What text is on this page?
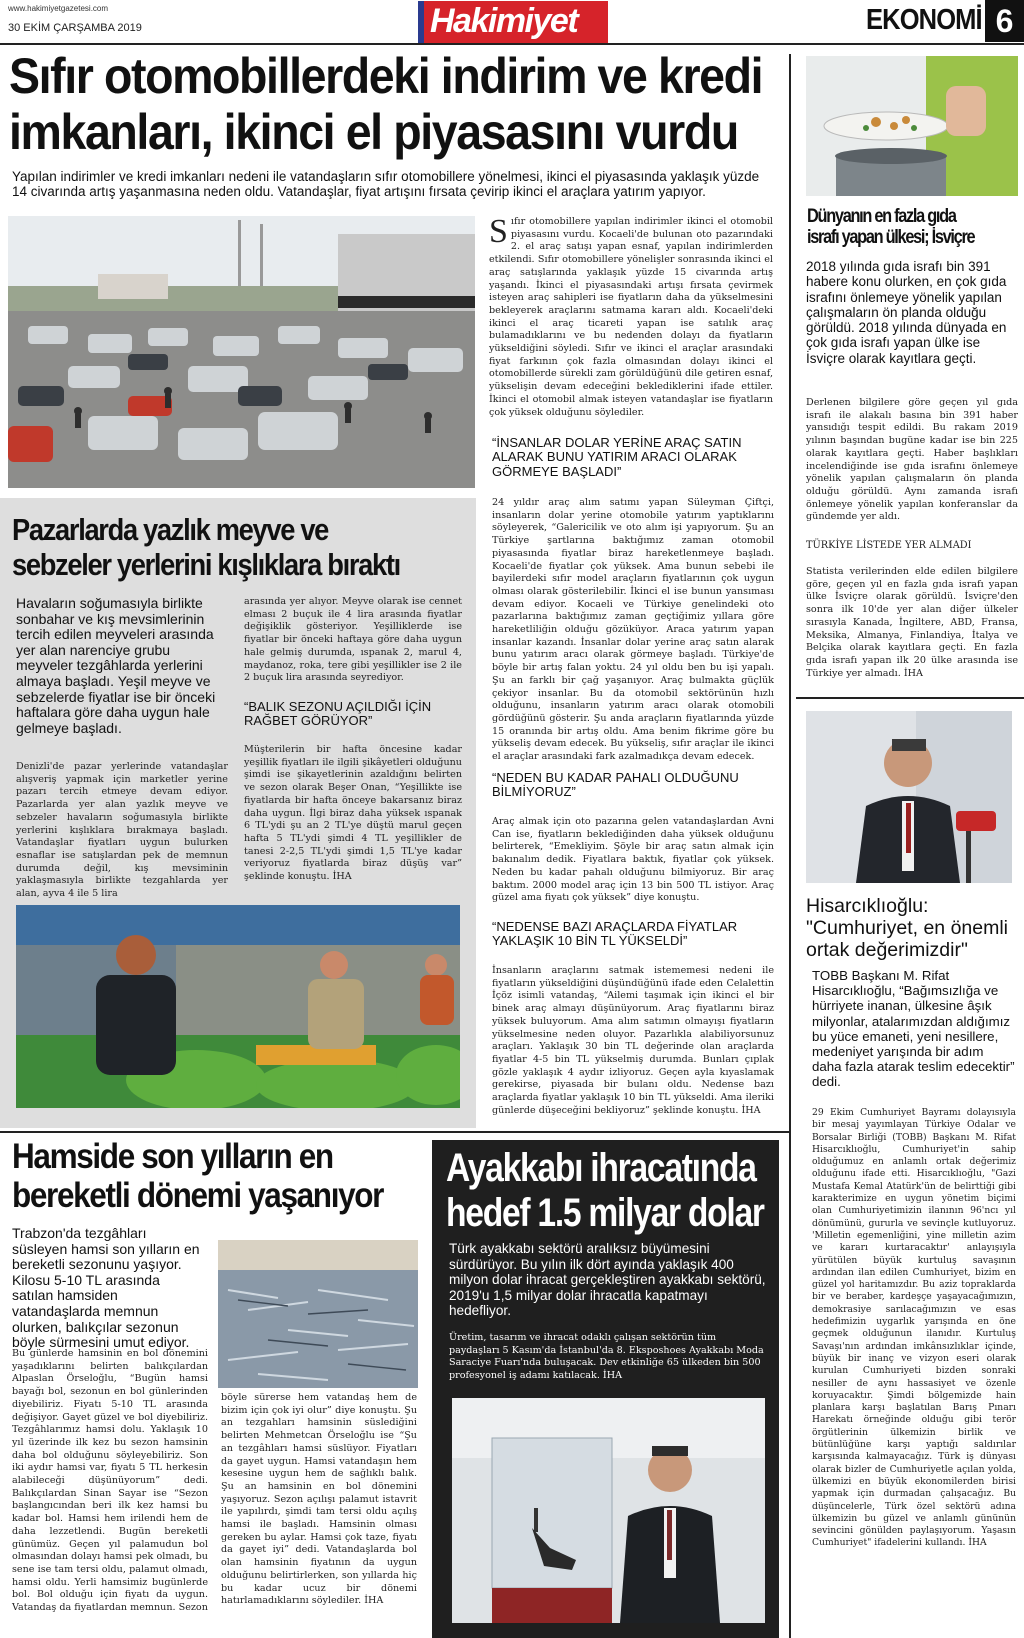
www.hakimiyetgazetesi.com
30 EKİM ÇARŞAMBA 2019	Hakimiyet	EKONOMİ 6
Sıfır otomobillerdeki indirim ve kredi
imkanları, ikinci el piyasasını vurdu
Yapılan indirimler ve kredi imkanları nedeni ile vatandaşların sıfır otomobillere yönelmesi, ikinci el piyasasında yaklaşık yüzde 14 civarında artış yaşanmasına neden oldu. Vatandaşlar, fiyat artışını fırsata çevirip ikinci el araçlara yatırım yapıyor.
Sıfır otomobillere yapılan indirimler ikinci el otomobil piyasasını vurdu. Kocaeli'de bulunan oto pazarındaki 2. el araç satışı yapan esnaf, yapılan indirimlerden etkilendi. Sıfır otomobillere yönelişler sonrasında ikinci el araç satışlarında yaklaşık yüzde 15 civarında artış yaşandı. İkinci el piyasasındaki artışı fırsata çevirmek isteyen araç sahipleri ise fiyatların daha da yükselmesini bekleyerek araçlarını satmama kararı aldı. Kocaeli'deki ikinci el araç ticareti yapan ise satılık araç bulamadıklarını ve bu nedenden dolayı da fiyatların yükseldiğini söyledi. Sıfır ve ikinci el araçlar arasındaki fiyat farkının çok fazla olmasından dolayı ikinci el otomobillerde sürekli zam görüldüğünü dile getiren esnaf, yükselişin devam edeceğini beklediklerini ifade ettiler. İkinci el otomobil almak isteyen vatandaşlar ise fiyatların çok yüksek olduğunu söylediler.
“İNSANLAR DOLAR YERİNE ARAÇ SATIN ALARAK BUNU YATIRIM ARACI OLARAK GÖRMEYE BAŞLADI”
24 yıldır araç alım satımı yapan Süleyman Çiftçi, insanların dolar yerine otomobile yatırım yaptıklarını söyleyerek, “Galericilik ve oto alım işi yapıyorum. Şu an Türkiye şartlarına baktığımız zaman otomobil piyasasında fiyatlar biraz hareketlenmeye başladı. Kocaeli'de fiyatlar çok yüksek. Ama bunun sebebi ile bayilerdeki sıfır model araçların fiyatlarının çok uygun olması olarak gösterilebilir. İkinci el ise bunun yansıması devam ediyor. Kocaeli ve Türkiye genelindeki oto pazarlarına baktığımız zaman geçtiğimiz yıllara göre hareketliliğin olduğu gözüküyor. Araca yatırım yapan insanlar kazandı. İnsanlar dolar yerine araç satın alarak bunu yatırım aracı olarak görmeye başladı. Türkiye'de böyle bir artış falan yoktu. 24 yıl oldu ben bu işi yapalı. Şu an farklı bir çağ yaşanıyor. Araç bulmakta güçlük çekiyor insanlar. Bu da otomobil sektörünün hızlı olduğunu, insanların yatırım aracı olarak otomobili gördüğünü gösterir. Şu anda araçların fiyatlarında yüzde 15 oranında bir artış oldu. Ama benim fikrime göre bu yükseliş devam edecek. Bu yükseliş, sıfır araçlar ile ikinci el araçlar arasındaki fark azalmadıkça devam edecek.
“NEDEN BU KADAR PAHALI OLDUĞUNU BİLMİYORUZ”
Araç almak için oto pazarına gelen vatandaşlardan Avni Can ise, fiyatların beklediğinden daha yüksek olduğunu belirterek, “Emekliyim. Şöyle bir araç satın almak için bakınalım dedik. Fiyatlara baktık, fiyatlar çok yüksek. Neden bu kadar pahalı olduğunu bilmiyoruz. Bir araç baktım. 2000 model araç için 13 bin 500 TL istiyor. Araç güzel ama fiyatı çok yüksek” diye konuştu.
“NEDENSE BAZI ARAÇLARDA FİYATLAR YAKLAŞIK 10 BİN TL YÜKSELDİ”
İnsanların araçlarını satmak istememesi nedeni ile fiyatların yükseldiğini düşündüğünü ifade eden Celalettin İçöz isimli vatandaş, “Ailemi taşımak için ikinci el bir binek araç almayı düşünüyorum. Araç fiyatlarını biraz yüksek buluyorum. Ama alım satımın olmayışı fiyatların yükselmesine neden oluyor. Pazarlıkla alabiliyorsunuz araçları. Yaklaşık 30 bin TL değerinde olan araçlarda fiyatlar 4-5 bin TL yükselmiş durumda. Bunları çıplak gözle yaklaşık 4 aydır izliyoruz. Geçen ayla kıyaslamak gerekirse, piyasada bir bulanı oldu. Nedense bazı araçlarda fiyatlar yaklaşık 10 bin TL yükseldi. Ama ileriki günlerde düşeceğini bekliyoruz” şeklinde konuştu. İHA
Pazarlarda yazlık meyve ve
sebzeler yerlerini kışlıklara bıraktı
Havaların soğumasıyla birlikte sonbahar ve kış mevsimlerinin tercih edilen meyveleri arasında yer alan narenciye grubu meyveler tezgâhlarda yerlerini almaya başladı. Yeşil meyve ve sebzelerde fiyatlar ise bir önceki haftalara göre daha uygun hale gelmeye başladı.
Denizli'de pazar yerlerinde vatandaşlar alışveriş yapmak için marketler yerine pazarı tercih etmeye devam ediyor. Pazarlarda yer alan yazlık meyve ve sebzeler havaların soğumasıyla birlikte yerlerini kışlıklara bırakmaya başladı. Vatandaşlar fiyatları uygun bulurken esnaflar ise satışlardan pek de memnun durumda değil, kış mevsiminin yaklaşmasıyla birlikte tezgahlarda yer alan, ayva 4 ile 5 lira
arasında yer alıyor. Meyve olarak ise cennet elması 2 buçuk ile 4 lira arasında fiyatlar değişiklik gösteriyor. Yeşilliklerde ise fiyatlar bir önceki haftaya göre daha uygun hale gelmiş durumda, ıspanak 2, marul 4, maydanoz, roka, tere gibi yeşillikler ise 2 ile 2 buçuk lira arasında seyrediyor.
“BALIK SEZONU AÇILDIĞI İÇİN RAĞBET GÖRÜYOR”
Müşterilerin bir hafta öncesine kadar yeşillik fiyatları ile ilgili şikâyetleri olduğunu şimdi ise şikayetlerinin azaldığını belirten ve sezon olarak Beşer Onan, “Yeşillikte ise fiyatlarda bir hafta önceye bakarsanız biraz daha uygun. İlgi biraz daha yüksek ıspanak 6 TL'ydi şu an 2 TL'ye düştü marul geçen hafta 5 TL'ydi şimdi 4 TL yeşillikler de tanesi 2-2,5 TL'ydi şimdi 1,5 TL'ye kadar veriyoruz fiyatlarda biraz düşüş var” şeklinde konuştu. İHA
Dünyanın en fazla gıda
israfı yapan ülkesi; İsviçre
2018 yılında gıda israfı bin 391 habere konu olurken, en çok gıda israfını önlemeye yönelik yapılan çalışmaların ön planda olduğu görüldü. 2018 yılında dünyada en çok gıda israfı yapan ülke ise İsviçre olarak kayıtlara geçti.
Derlenen bilgilere göre geçen yıl gıda israfı ile alakalı basına bin 391 haber yansıdığı tespit edildi. Bu rakam 2019 yılının başından bugüne kadar ise bin 225 olarak kayıtlara geçti. Haber başlıkları incelendiğinde ise gıda israfını önlemeye yönelik yapılan çalışmaların ön planda olduğu görüldü. Aynı zamanda israfı önlemeye yönelik yapılan konferanslar da gündemde yer aldı.
TÜRKİYE LİSTEDE YER ALMADI
Statista verilerinden elde edilen bilgilere göre, geçen yıl en fazla gıda israfı yapan ülke İsviçre olarak görüldü. İsviçre'den sonra ilk 10'de yer alan diğer ülkeler sırasıyla Kanada, İngiltere, ABD, Fransa, Meksika, Almanya, Finlandiya, İtalya ve Belçika olarak kayıtlara geçti. En fazla gıda israfı yapan ilk 20 ülke arasında ise Türkiye yer almadı. İHA
Hisarcıklıoğlu:
"Cumhuriyet, en önemli
ortak değerimizdir"
TOBB Başkanı M. Rifat Hisarcıklıoğlu, “Bağımsızlığa ve hürriyete inanan, ülkesine âşık milyonlar, atalarımızdan aldığımız bu yüce emaneti, yeni nesillere, medeniyet yarışında bir adım daha fazla atarak teslim edecektir” dedi.
29 Ekim Cumhuriyet Bayramı dolayısıyla bir mesaj yayımlayan Türkiye Odalar ve Borsalar Birliği (TOBB) Başkanı M. Rifat Hisarcıklıoğlu, Cumhuriyet'in sahip olduğumuz en anlamlı ortak değerimiz olduğunu ifade etti. Hisarcıklıoğlu, "Gazi Mustafa Kemal Atatürk'ün de belirttiği gibi karakterimize en uygun yönetim biçimi olan Cumhuriyetimizin ilanının 96'ncı yıl dönümünü, gururla ve sevinçle kutluyoruz. 'Milletin egemenliğini, yine milletin azim ve kararı kurtaracaktır' anlayışıyla yürütülen büyük kurtuluş savaşının ardından ilan edilen Cumhuriyet, bizim en güzel yol haritamızdır. Bu aziz topraklarda bir ve beraber, kardeşçe yaşayacağımızın, demokrasiye sarılacağımızın ve esas hedefimizin uygarlık yarışında en öne geçmek olduğunun ilanıdır. Kurtuluş Savaşı'nın ardından imkânsızlıklar içinde, büyük bir inanç ve vizyon eseri olarak kurulan Cumhuriyeti bizden sonraki nesiller de aynı hassasiyet ve özenle koruyacaktır. Şimdi bölgemizde hain planlara karşı başlatılan Barış Pınarı Harekatı örneğinde olduğu gibi terör örgütlerinin ülkemizin birlik ve bütünlüğüne karşı yaptığı saldırılar karşısında kalmayacağız. Türk iş dünyası olarak bizler de Cumhuriyetle açılan yolda, ülkemizi en büyük ekonomilerden birisi yapmak için durmadan çalışacağız. Bu düşüncelerle, Türk özel sektörü adına ülkemizin bu güzel ve anlamlı gününün sevincini gönülden paylaşıyorum. Yaşasın Cumhuriyet" ifadelerini kullandı. İHA
Hamside son yılların en
bereketli dönemi yaşanıyor
Trabzon'da tezgâhları süsleyen hamsi son yılların en bereketli sezonunu yaşıyor. Kilosu 5-10 TL arasında satılan hamsiden vatandaşlarda memnun olurken, balıkçılar sezonun böyle sürmesini umut ediyor.
Bu günlerde hamsinin en bol dönemini yaşadıklarını belirten balıkçılardan Alpaslan Örseloğlu, “Bugün hamsi bayağı bol, sezonun en bol günlerinden diyebiliriz. Fiyatı 5-10 TL arasında değişiyor. Gayet güzel ve bol diyebiliriz. Tezgâhlarımız hamsi dolu. Yaklaşık 10 yıl üzerinde ilk kez bu sezon hamsinin daha bol olduğunu söyleyebiliriz. Son iki aydır hamsi var, fiyatı 5 TL herkesin alabileceği düşünüyorum” dedi. Balıkçılardan Sinan Sayar ise “Sezon başlangıcından beri ilk kez hamsi bu kadar bol. Hamsi hem irilendi hem de daha lezzetlendi. Bugün bereketli günümüz. Geçen yıl palamudun bol olmasından dolayı hamsi pek olmadı, bu sene ise tam tersi oldu, palamut olmadı, hamsi oldu. Yerli hamsimiz bugünlerde bol. Bol olduğu için fiyatı da uygun. Vatandaş da fiyatlardan memnun. Sezon
böyle sürerse hem vatandaş hem de bizim için çok iyi olur” diye konuştu. Şu an tezgahları hamsinin süslediğini belirten Mehmetcan Örseloğlu ise “Şu an tezgâhları hamsi süslüyor. Fiyatları da gayet uygun. Hamsi vatandaşın hem kesesine uygun hem de sağlıklı balık. Şu an hamsinin en bol dönemini yaşıyoruz. Sezon açılışı palamut istavrit ile yapılırdı, şimdi tam tersi oldu açılış hamsi ile başladı. Hamsinin olması gereken bu aylar. Hamsi çok taze, fiyatı da gayet iyi” dedi. Vatandaşlarda bol olan hamsinin fiyatının da uygun olduğunu belirtirlerken, son yıllarda hiç bu kadar ucuz bir dönemi hatırlamadıklarını söylediler. İHA
Ayakkabı ihracatında
hedef 1.5 milyar dolar
Türk ayakkabı sektörü aralıksız büyümesini sürdürüyor. Bu yılın ilk dört ayında yaklaşık 400 milyon dolar ihracat gerçekleştiren ayakkabı sektörü, 2019'u 1,5 milyar dolar ihracatla kapatmayı hedefliyor.
Üretim, tasarım ve ihracat odaklı çalışan sektörün tüm paydaşları 5 Kasım'da İstanbul'da 8. Eksposhoes Ayakkabı Moda Saraciye Fuarı'nda buluşacak. Dev etkinliğe 65 ülkeden bin 500 profesyonel iş adamı katılacak. İHA
